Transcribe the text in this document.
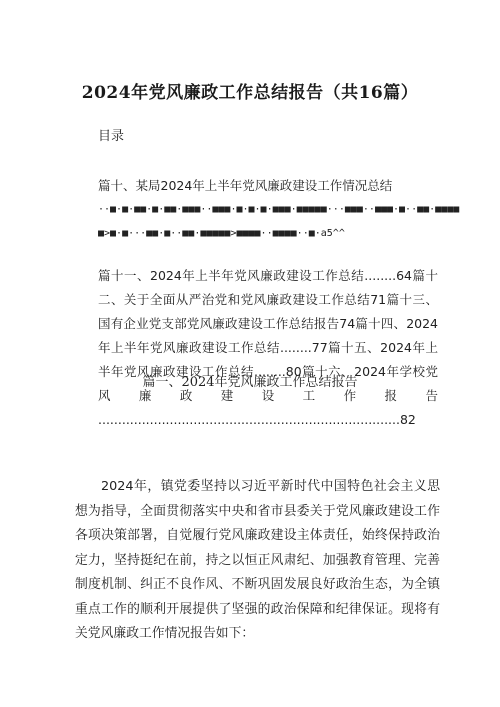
2024年党风廉政工作总结报告（共16篇）
目录
篇十、某局2024年上半年党风廉政建设工作情况总结
··■·■·■■·■·■■·■■■··■■■·■·■·■·■■■·■■■■■···■■■··■■■·■··■■·■■■■
■>■·■···■■·■··■■·■■■■■>■■■■··■■■■··■·a5^^
篇十一、2024年上半年党风廉政建设工作总结........64篇十二、关于全面从严治党和党风廉政建设工作总结71篇十三、国有企业党支部党风廉政建设工作总结报告74篇十四、2024年上半年党风廉政建设工作总结........77篇十五、2024年上半年党风廉政建设工作总结........80篇十六、2024年学校党风廉政建设工作报告 ............................................................................82
篇一、2024年党风廉政工作总结报告
2024年，镇党委坚持以习近平新时代中国特色社会主义思想为指导，全面贯彻落实中央和省市县委关于党风廉政建设工作各项决策部署，自觉履行党风廉政建设主体责任，始终保持政治定力，坚持挺纪在前，持之以恒正风肃纪、加强教育管理、完善制度机制、纠正不良作风、不断巩固发展良好政治生态，为全镇重点工作的顺利开展提供了坚强的政治保障和纪律保证。现将有关党风廉政工作情况报告如下：
